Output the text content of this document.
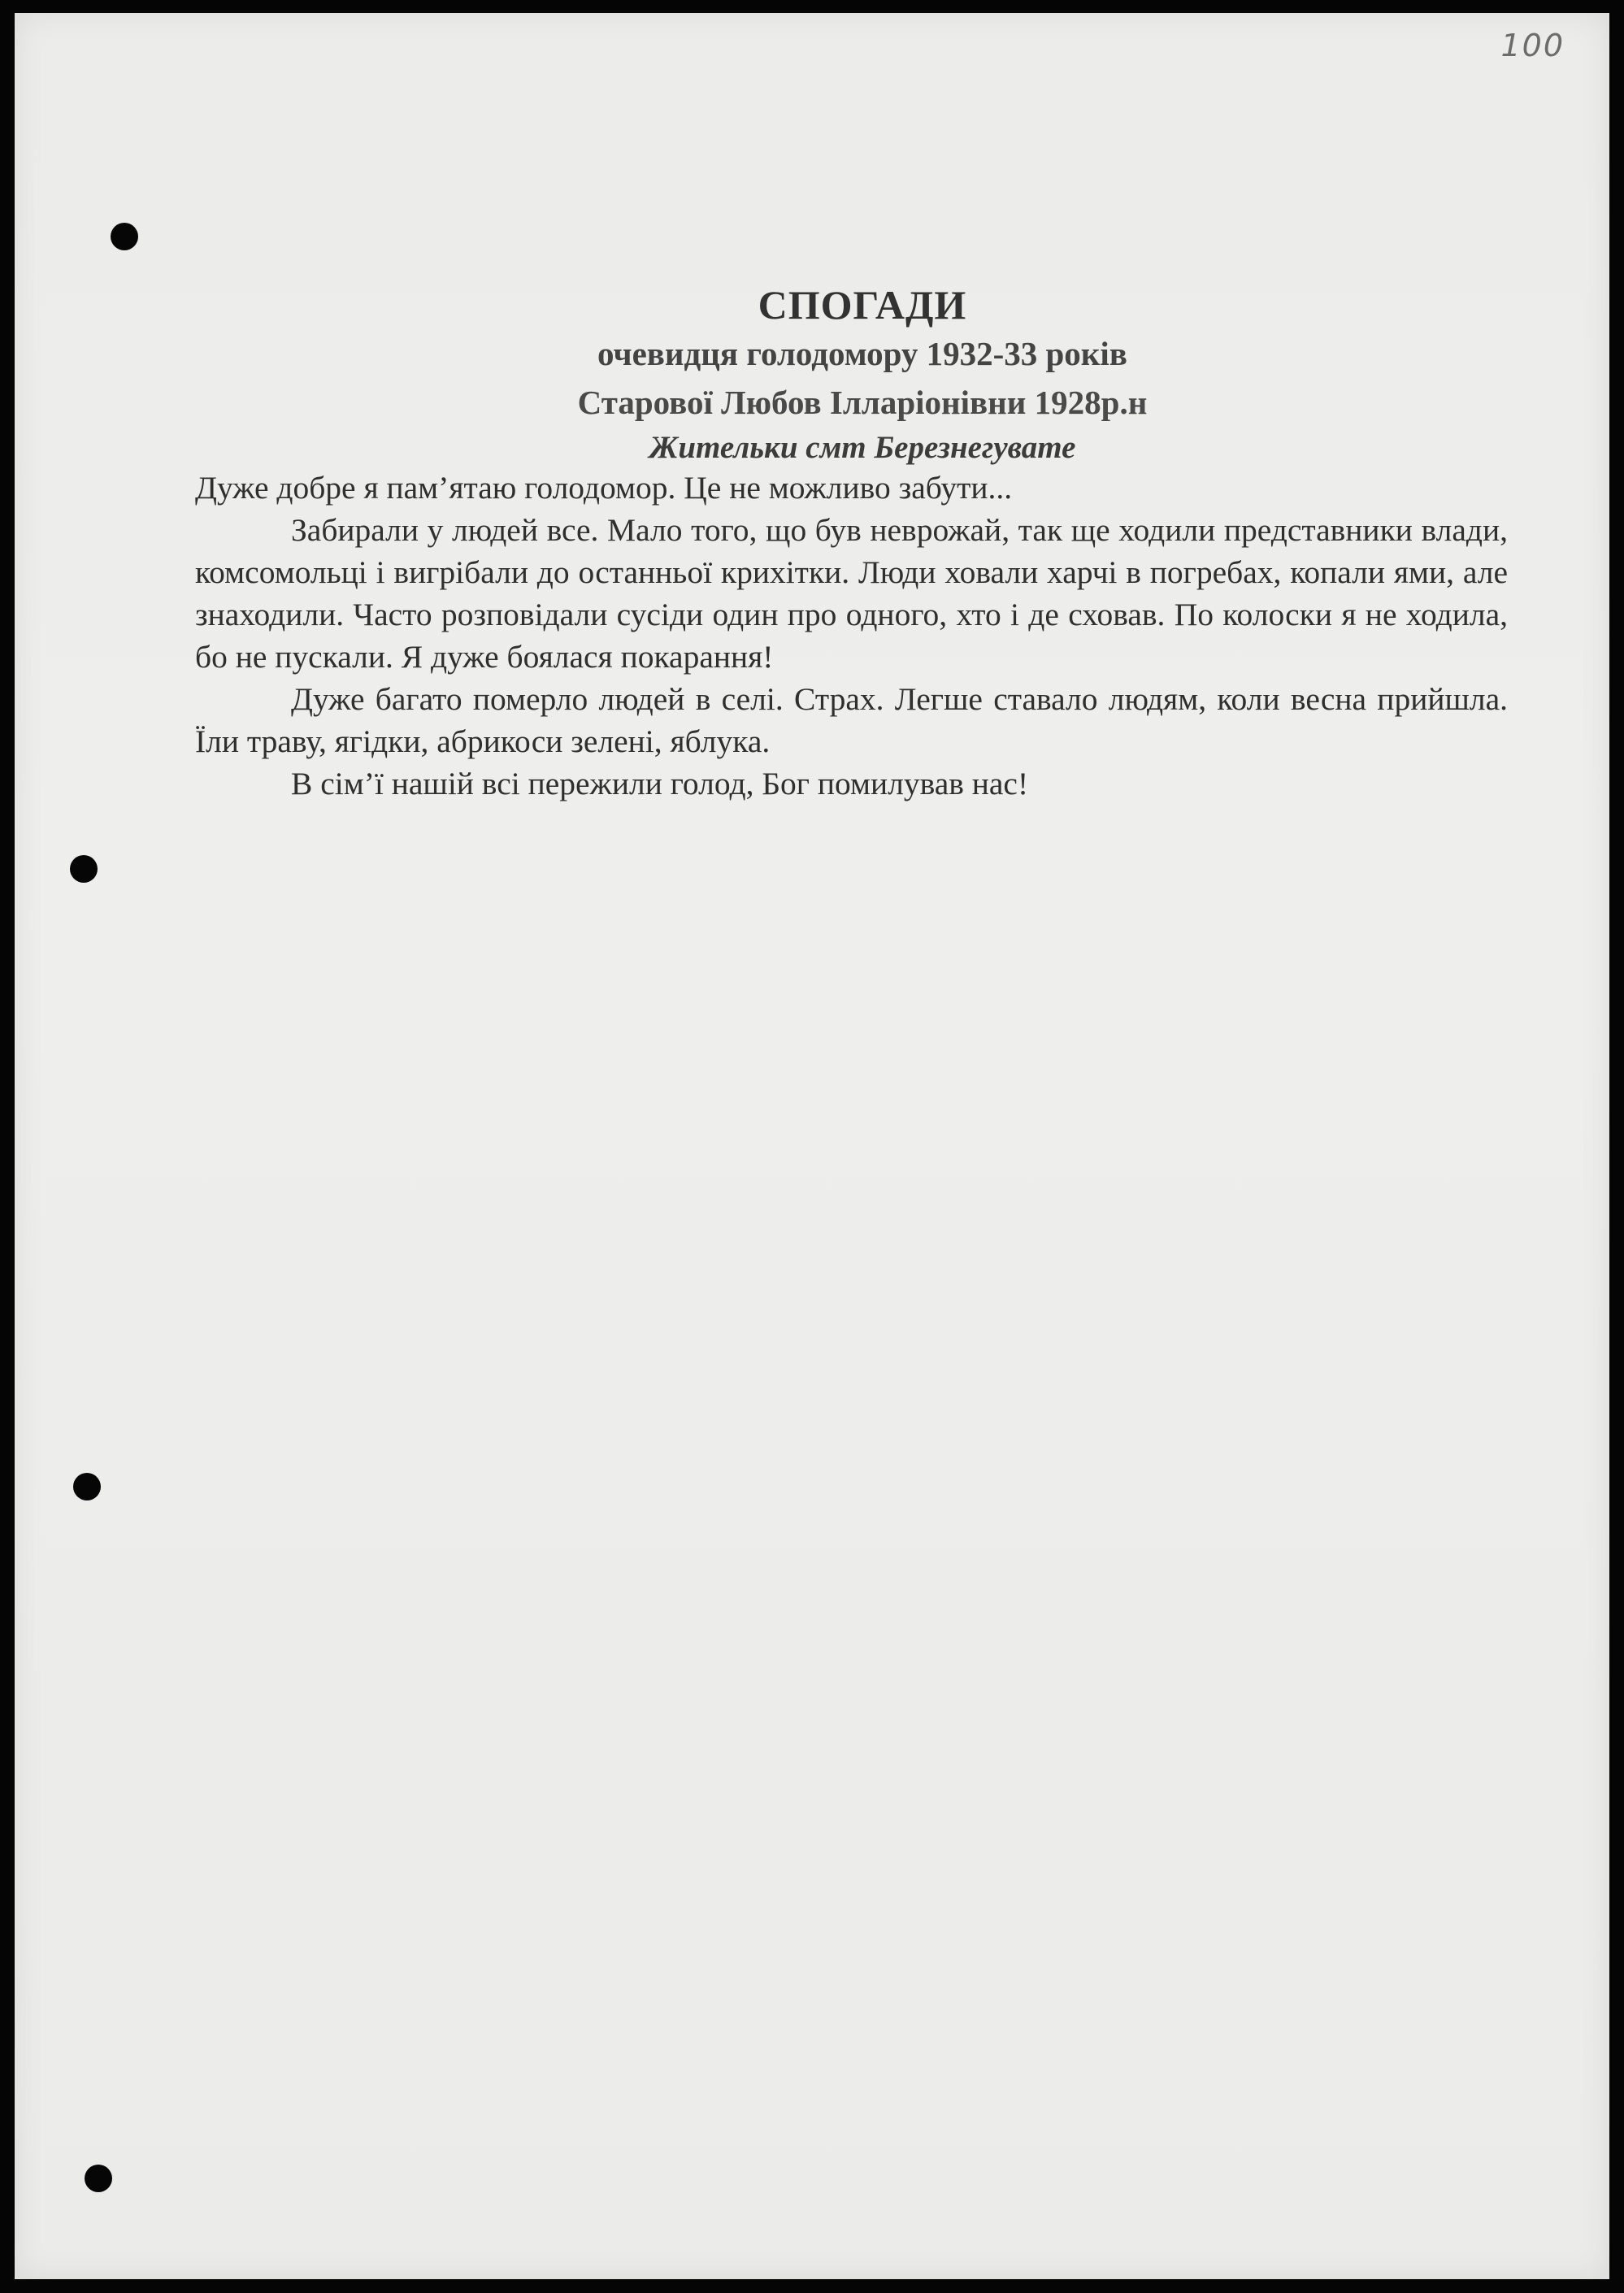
100
СПОГАДИ
очевидця голодомору 1932-33 років
Старової Любов Ілларіонівни 1928р.н
Жительки смт Березнегувате

Дуже добре я пам’ятаю голодомор. Це не можливо забути...

Забирали у людей все. Мало того, що був неврожай, так ще ходили представники влади, комсомольці і вигрібали до останньої крихітки. Люди ховали харчі в погребах, копали ями, але знаходили. Часто розповідали сусіди один про одного, хто і де сховав. По колоски я не ходила, бо не пускали. Я дуже боялася покарання!

Дуже багато померло людей в селі. Страх. Легше ставало людям, коли весна прийшла. Їли траву, ягідки, абрикоси зелені, яблука.

В сім’ї нашій всі пережили голод, Бог помилував нас!
